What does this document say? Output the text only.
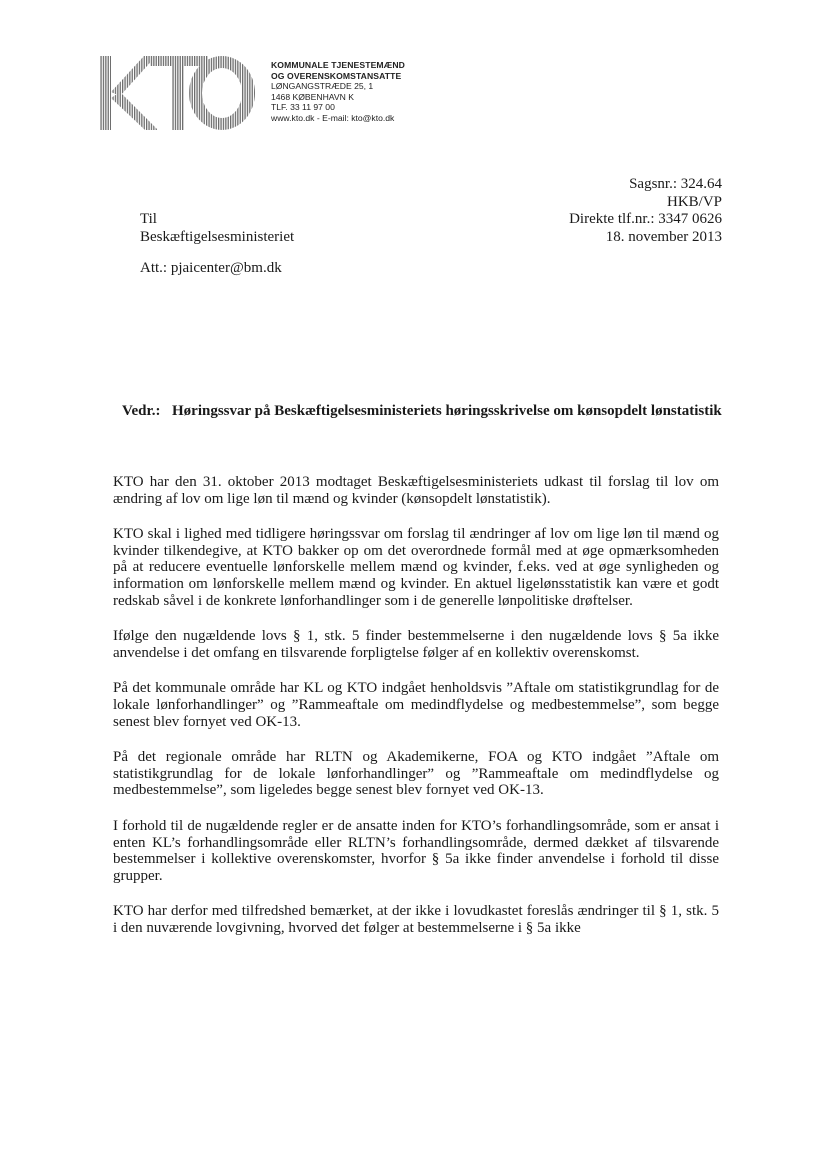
KOMMUNALE TJENESTEMÆND
OG OVERENSKOMSTANSATTE
LØNGANGSTRÆDE 25, 1
1468 KØBENHAVN K
TLF. 33 11 97 00
www.kto.dk - E-mail: kto@kto.dk
Sagsnr.: 324.64
HKB/VP
Direkte tlf.nr.: 3347 0626
18. november 2013
Til
Beskæftigelsesministeriet
Att.: pjaicenter@bm.dk
Vedr.: Høringssvar på Beskæftigelsesministeriets høringsskrivelse om kønsopdelt lønstatistik

KTO har den 31. oktober 2013 modtaget Beskæftigelsesministeriets udkast til forslag til lov om ændring af lov om lige løn til mænd og kvinder (kønsopdelt lønstatistik).

KTO skal i lighed med tidligere høringssvar om forslag til ændringer af lov om lige løn til mænd og kvinder tilkendegive, at KTO bakker op om det overordnede formål med at øge opmærksomheden på at reducere eventuelle lønforskelle mellem mænd og kvinder, f.eks. ved at øge synligheden og information om lønforskelle mellem mænd og kvinder. En aktuel ligelønsstatistik kan være et godt redskab såvel i de konkrete lønforhandlinger som i de generelle lønpolitiske drøftelser.

Ifølge den nugældende lovs § 1, stk. 5 finder bestemmelserne i den nugældende lovs § 5a ikke anvendelse i det omfang en tilsvarende forpligtelse følger af en kollektiv overenskomst.

På det kommunale område har KL og KTO indgået henholdsvis ”Aftale om statistikgrundlag for de lokale lønforhandlinger” og ”Rammeaftale om medindflydelse og medbestemmelse”, som begge senest blev fornyet ved OK-13.

På det regionale område har RLTN og Akademikerne, FOA og KTO indgået ”Aftale om statistikgrundlag for de lokale lønforhandlinger” og ”Rammeaftale om medindflydelse og medbestemmelse”, som ligeledes begge senest blev fornyet ved OK-13.

I forhold til de nugældende regler er de ansatte inden for KTO’s forhandlingsområde, som er ansat i enten KL’s forhandlingsområde eller RLTN’s forhandlingsområde, dermed dækket af tilsvarende bestemmelser i kollektive overenskomster, hvorfor § 5a ikke finder anvendelse i forhold til disse grupper.

KTO har derfor med tilfredshed bemærket, at der ikke i lovudkastet foreslås ændringer til § 1, stk. 5 i den nuværende lovgivning, hvorved det følger at bestemmelserne i § 5a ikke
